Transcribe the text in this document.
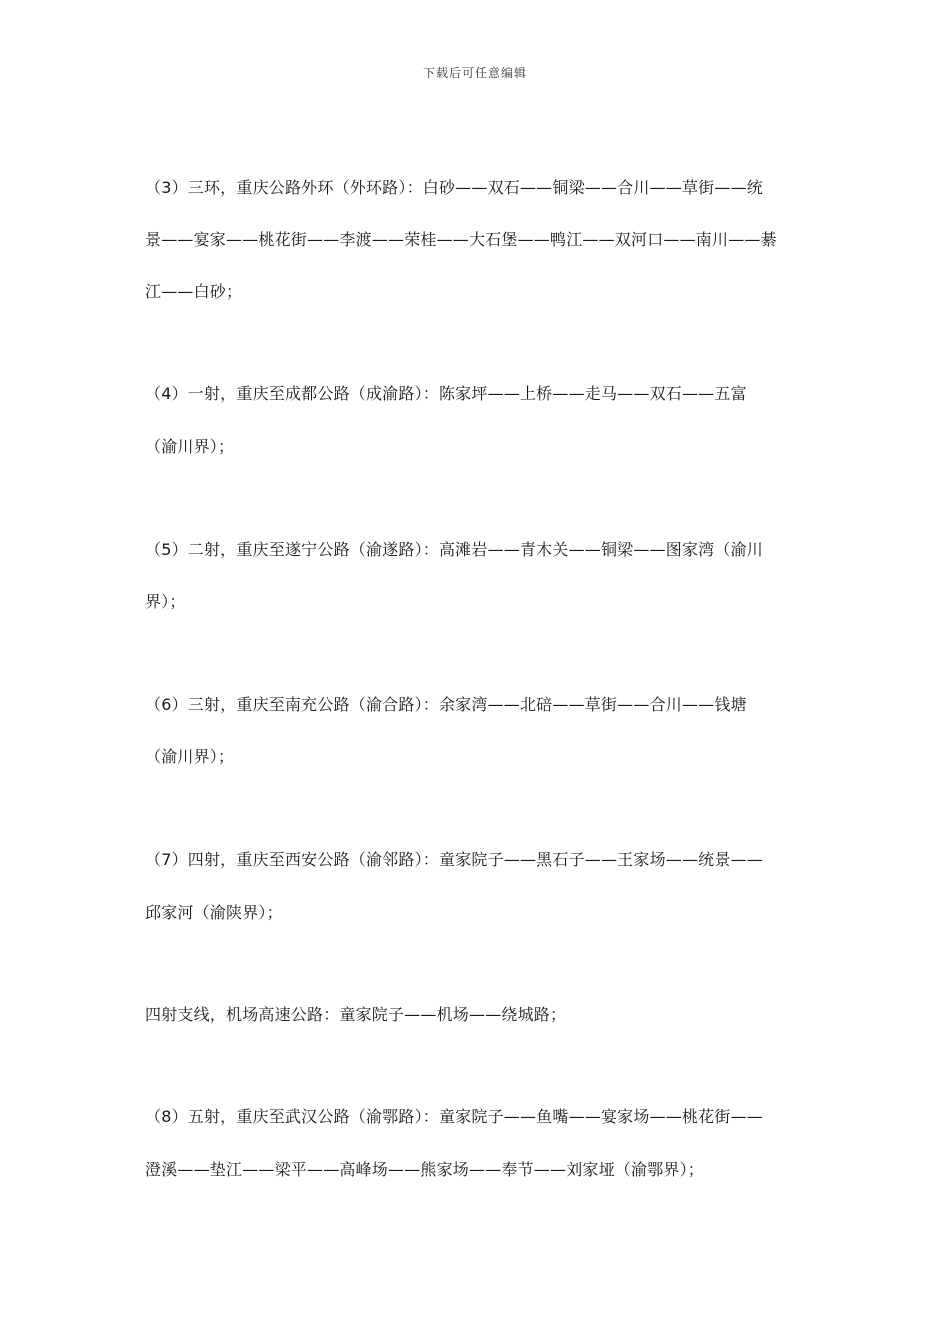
下载后可任意编辑
（3）三环，重庆公路外环（外环路）：白砂——双石——铜梁——合川——草街——统
景——宴家——桃花街——李渡——荣桂——大石堡——鸭江——双河口——南川——綦
江——白砂；
（4）一射，重庆至成都公路（成渝路）：陈家坪——上桥——走马——双石——五富
（渝川界）；
（5）二射，重庆至遂宁公路（渝遂路）：高滩岩——青木关——铜梁——图家湾（渝川
界）；
（6）三射，重庆至南充公路（渝合路）：余家湾——北碚——草街——合川——钱塘
（渝川界）；
（7）四射，重庆至西安公路（渝邻路）：童家院子——黑石子——王家场——统景——
邱家河（渝陕界）；
四射支线，机场高速公路：童家院子——机场——绕城路；
（8）五射，重庆至武汉公路（渝鄂路）：童家院子——鱼嘴——宴家场——桃花街——
澄溪——垫江——梁平——高峰场——熊家场——奉节——刘家垭（渝鄂界）；
